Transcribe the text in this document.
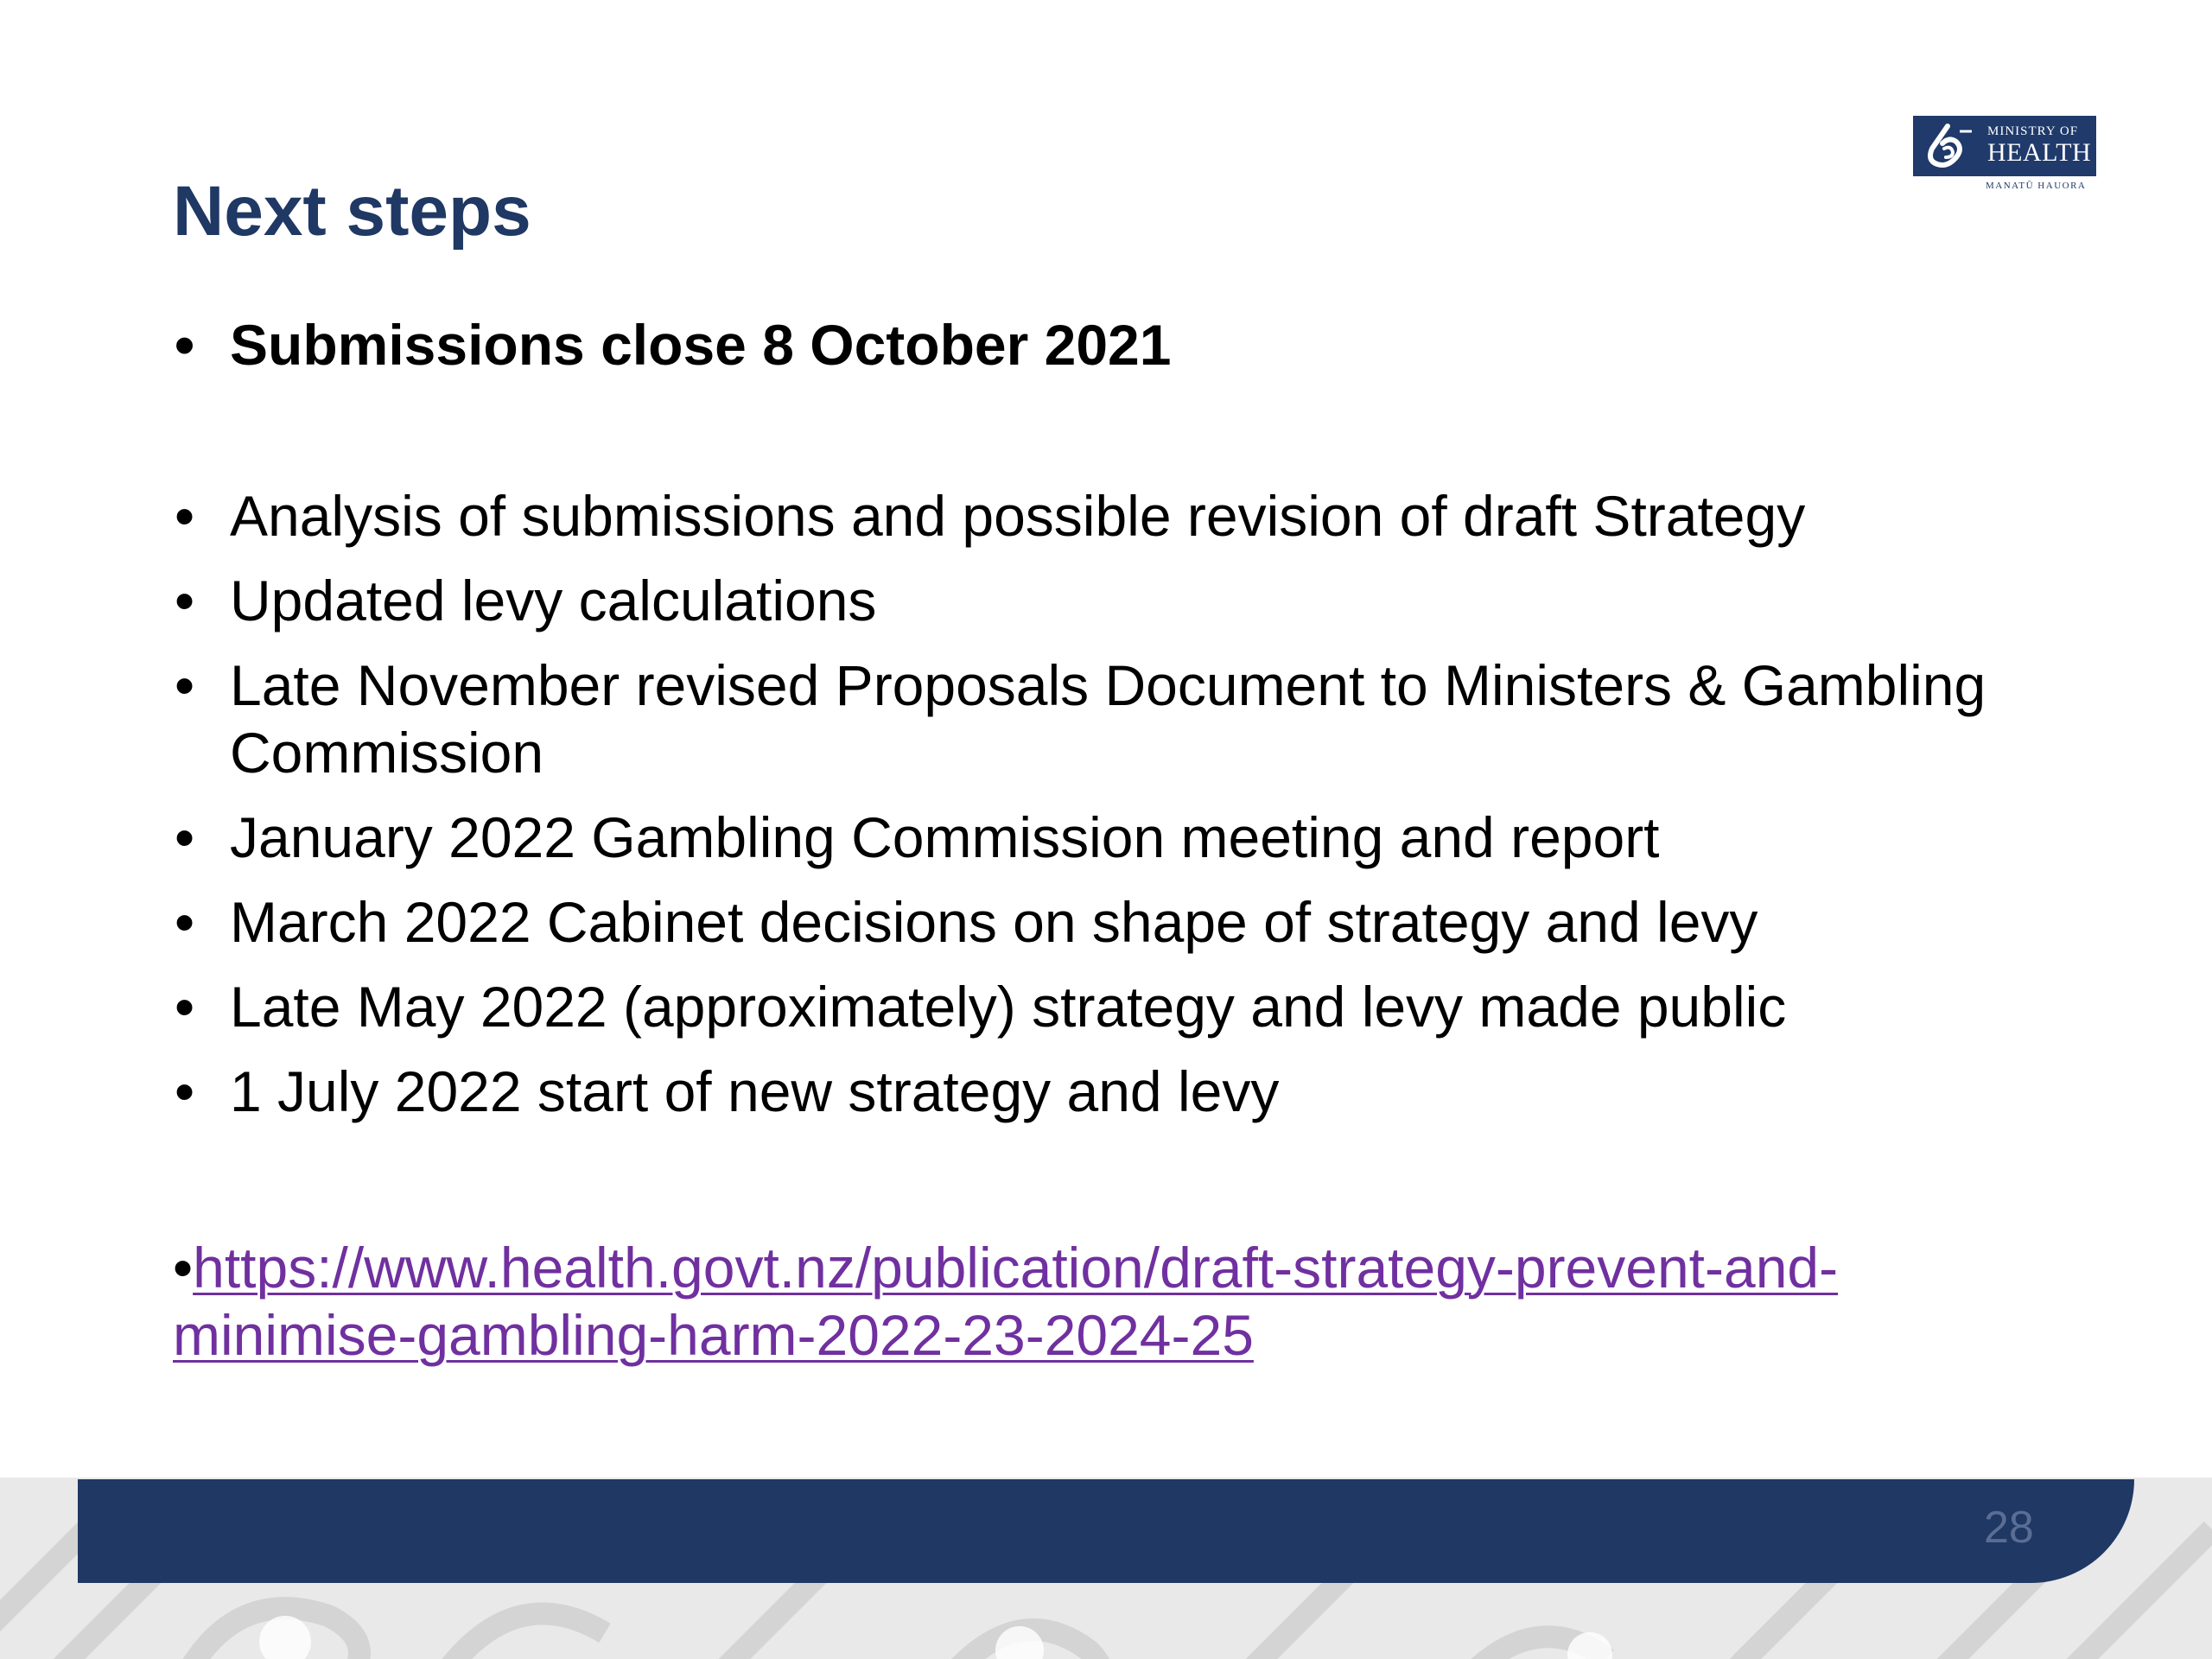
MINISTRY OF
HEALTH
MANATŪ HAUORA
Next steps
• Submissions close 8 October 2021
• Analysis of submissions and possible revision of draft Strategy
• Updated levy calculations
• Late November revised Proposals Document to Ministers & Gambling Commission
• January 2022 Gambling Commission meeting and report
• March 2022 Cabinet decisions on shape of strategy and levy
• Late May 2022 (approximately) strategy and levy made public
• 1 July 2022 start of new strategy and levy
•https://www.health.govt.nz/publication/draft-strategy-prevent-and-minimise-gambling-harm-2022-23-2024-25
28
